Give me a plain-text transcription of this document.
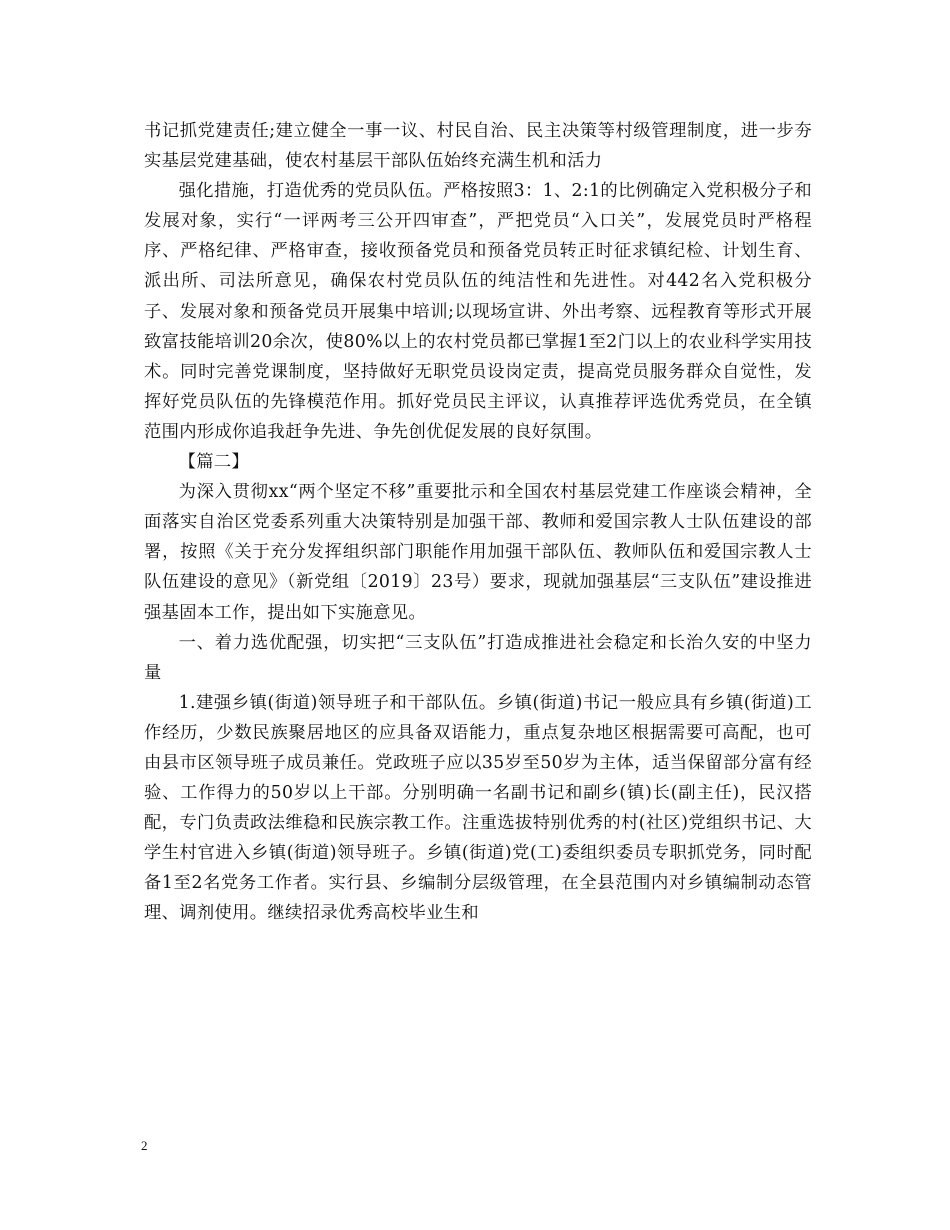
书记抓党建责任;建立健全一事一议、村民自治、民主决策等村级管理制度，进一步夯实基层党建基础，使农村基层干部队伍始终充满生机和活力

强化措施，打造优秀的党员队伍。严格按照3：1、2:1的比例确定入党积极分子和发展对象，实行“一评两考三公开四审查”，严把党员“入口关”，发展党员时严格程序、严格纪律、严格审查，接收预备党员和预备党员转正时征求镇纪检、计划生育、派出所、司法所意见，确保农村党员队伍的纯洁性和先进性。对442名入党积极分子、发展对象和预备党员开展集中培训;以现场宣讲、外出考察、远程教育等形式开展致富技能培训20余次，使80%以上的农村党员都已掌握1至2门以上的农业科学实用技术。同时完善党课制度，坚持做好无职党员设岗定责，提高党员服务群众自觉性，发挥好党员队伍的先锋模范作用。抓好党员民主评议，认真推荐评选优秀党员，在全镇范围内形成你追我赶争先进、争先创优促发展的良好氛围。

【篇二】

为深入贯彻xx“两个坚定不移”重要批示和全国农村基层党建工作座谈会精神，全面落实自治区党委系列重大决策特别是加强干部、教师和爱国宗教人士队伍建设的部署，按照《关于充分发挥组织部门职能作用加强干部队伍、教师队伍和爱国宗教人士队伍建设的意见》（新党组〔2019〕23号）要求，现就加强基层“三支队伍”建设推进强基固本工作，提出如下实施意见。

一、着力选优配强，切实把“三支队伍”打造成推进社会稳定和长治久安的中坚力量

1.建强乡镇(街道)领导班子和干部队伍。乡镇(街道)书记一般应具有乡镇(街道)工作经历，少数民族聚居地区的应具备双语能力，重点复杂地区根据需要可高配，也可由县市区领导班子成员兼任。党政班子应以35岁至50岁为主体，适当保留部分富有经验、工作得力的50岁以上干部。分别明确一名副书记和副乡(镇)长(副主任)，民汉搭配，专门负责政法维稳和民族宗教工作。注重选拔特别优秀的村(社区)党组织书记、大学生村官进入乡镇(街道)领导班子。乡镇(街道)党(工)委组织委员专职抓党务，同时配备1至2名党务工作者。实行县、乡编制分层级管理，在全县范围内对乡镇编制动态管理、调剂使用。继续招录优秀高校毕业生和

2
